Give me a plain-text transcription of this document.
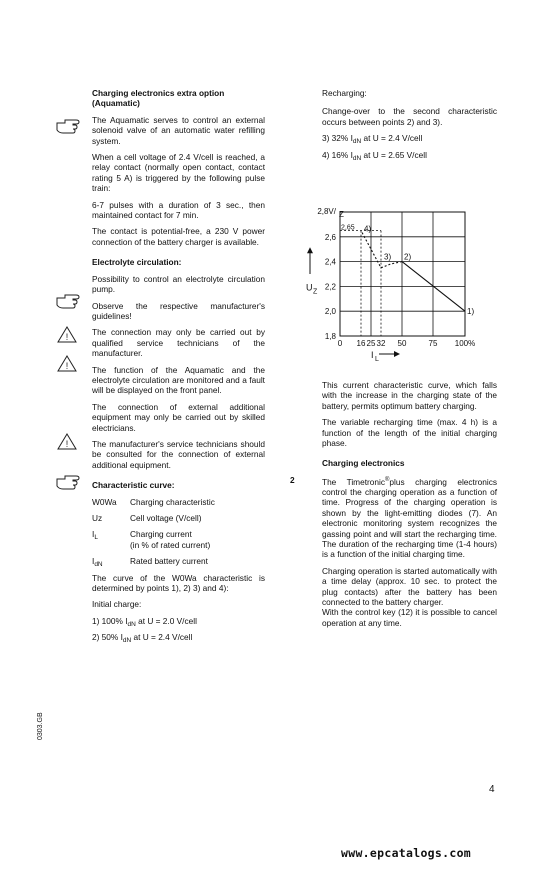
Charging electronics extra option (Aquamatic)

The Aquamatic serves to control an external solenoid valve of an automatic water refilling system.

When a cell voltage of 2.4 V/cell is reached, a relay contact (normally open contact, contact rating 5 A) is triggered by the following pulse train:

6-7 pulses with a duration of 3 sec., then maintained contact for 7 min.

The contact is potential-free, a 230 V power connection of the battery charger is available.

Electrolyte circulation:

Possibility to control an electrolyte circulation pump.

Observe the respective manufacturer's guidelines!

The connection may only be carried out by qualified service technicians of the manufacturer.

The function of the Aquamatic and the electrolyte circulation are monitored and a fault will be displayed on the front panel.

The connection of external additional equipment may only be carried out by skilled electricians.

The manufacturer's service technicians should be consulted for the connection of external additional equipment.

Characteristic curve:

W0Wa	Charging characteristic
Uz	Cell voltage (V/cell)
$I_L$	Charging current
(in % of rated current)
$I_{dN}$	Rated battery current

The curve of the W0Wa characteristic is determined by points 1), 2) 3) and 4):

Initial charge:

1) 100% $I_{dN}$ at U = 2.0 V/cell

2) 50% $I_{dN}$ at U = 2.4 V/cell

!
!
!

Recharging:

Change-over to the second characteristic occurs between points 2) and 3).

3) 32% $I_{dN}$ at U = 2.4 V/cell

4) 16% $I_{dN}$ at U = 2.65 V/cell

2,6
2,4
2,2
2,0
1,8
0 16 25 32 50	75 100%
2,8V/ Z
U Z
I L
2,65
1)
2)
3)
4)

This current characteristic curve, which falls with the increase in the charging state of the battery, permits optimum battery charging.

The variable recharging time (max. 4 h) is a function of the length of the initial charging phase.

Charging electronics

The Timetronic®plus charging electronics control the charging operation as a function of time. Progress of the charging operation is shown by the light-emitting diodes (7). An electronic monitoring system recognizes the gassing point and will start the recharging time. The duration of the recharging time (1-4 hours) is a function of the initial charging time.

Charging operation is started automatically with a time delay (approx. 10 sec. to protect the plug contacts) after the battery has been connected to the battery charger.

With the control key (12) it is possible to cancel operation at any time.

2
0303.GB
4
www.epcatalogs.com
